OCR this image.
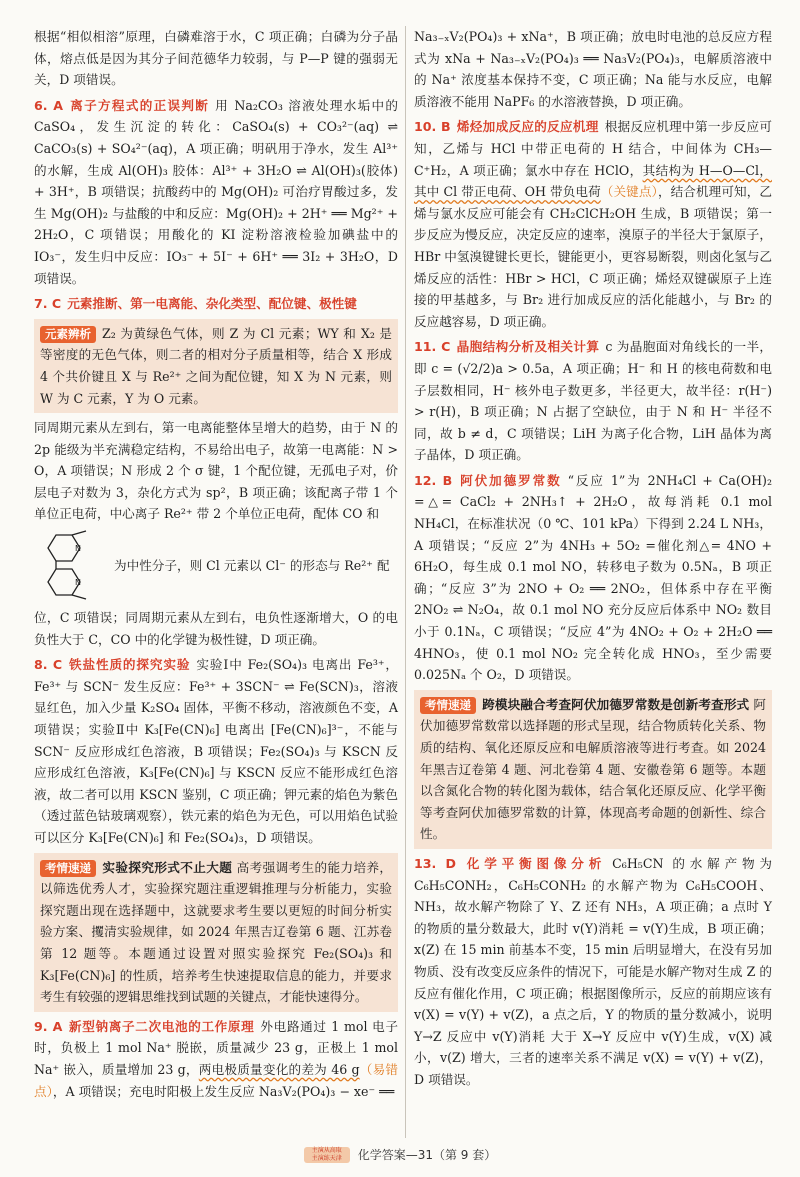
根据“相似相溶”原理，白磷难溶于水，C 项正确；白磷为分子晶体，熔点低是因为其分子间范德华力较弱，与 P—P 键的强弱无关，D 项错误。

6. A 离子方程式的正误判断 用 Na₂CO₃ 溶液处理水垢中的 CaSO₄，发生沉淀的转化：CaSO₄(s) + CO₃²⁻(aq) ⇌ CaCO₃(s) + SO₄²⁻(aq)，A 项正确；明矾用于净水，发生 Al³⁺ 的水解，生成 Al(OH)₃ 胶体：Al³⁺ + 3H₂O ⇌ Al(OH)₃(胶体) + 3H⁺，B 项错误；抗酸药中的 Mg(OH)₂ 可治疗胃酸过多，发生 Mg(OH)₂ 与盐酸的中和反应：Mg(OH)₂ + 2H⁺ ══ Mg²⁺ + 2H₂O，C 项错误；用酸化的 KI 淀粉溶液检验加碘盐中的 IO₃⁻，发生归中反应：IO₃⁻ + 5I⁻ + 6H⁺ ══ 3I₂ + 3H₂O，D 项错误。

7. C 元素推断、第一电离能、杂化类型、配位键、极性键

元素辨析 Z₂ 为黄绿色气体，则 Z 为 Cl 元素；WY 和 X₂ 是等密度的无色气体，则二者的相对分子质量相等，结合 X 形成 4 个共价键且 X 与 Re²⁺ 之间为配位键，知 X 为 N 元素，则 W 为 C 元素，Y 为 O 元素。

同周期元素从左到右，第一电离能整体呈增大的趋势，由于 N 的 2p 能级为半充满稳定结构，不易给出电子，故第一电离能：N > O，A 项错误；N 形成 2 个 σ 键，1 个配位键，无孤电子对，价层电子对数为 3，杂化方式为 sp²，B 项正确；该配离子带 1 个单位正电荷，中心离子 Re²⁺ 带 2 个单位正电荷，配体 CO 和

N
N
为中性分子，则 Cl 元素以 Cl⁻ 的形态与 Re²⁺ 配

位，C 项错误；同周期元素从左到右，电负性逐渐增大，O 的电负性大于 C，CO 中的化学键为极性键，D 项正确。

8. C 铁盐性质的探究实验 实验Ⅰ中 Fe₂(SO₄)₃ 电离出 Fe³⁺，Fe³⁺ 与 SCN⁻ 发生反应：Fe³⁺ + 3SCN⁻ ⇌ Fe(SCN)₃，溶液显红色，加入少量 K₂SO₄ 固体，平衡不移动，溶液颜色不变，A 项错误；实验Ⅱ中 K₃[Fe(CN)₆] 电离出 [Fe(CN)₆]³⁻，不能与 SCN⁻ 反应形成红色溶液，B 项错误；Fe₂(SO₄)₃ 与 KSCN 反应形成红色溶液，K₃[Fe(CN)₆] 与 KSCN 反应不能形成红色溶液，故二者可以用 KSCN 鉴别，C 项正确；钾元素的焰色为紫色（透过蓝色钴玻璃观察），铁元素的焰色为无色，可以用焰色试验可以区分 K₃[Fe(CN)₆] 和 Fe₂(SO₄)₃，D 项错误。

考情速递 实验探究形式不止大题 高考强调考生的能力培养，以筛选优秀人才，实验探究题注重逻辑推理与分析能力，实验探究题出现在选择题中，这就要求考生要以更短的时间分析实验方案、攫清实验规律，如 2024 年黑吉辽卷第 6 题、江苏卷第 12 题等。本题通过设置对照实验探究 Fe₂(SO₄)₃ 和 K₃[Fe(CN)₆] 的性质，培养考生快速提取信息的能力，并要求考生有较强的逻辑思维找到试题的关键点，才能快速得分。

9. A 新型钠离子二次电池的工作原理 外电路通过 1 mol 电子时，负极上 1 mol Na⁺ 脱嵌，质量减少 23 g，正极上 1 mol Na⁺ 嵌入，质量增加 23 g，两电极质量变化的差为 46 g（易错点），A 项错误；充电时阳极上发生反应 Na₃V₂(PO₄)₃ − xe⁻ ══

Na₃₋ₓV₂(PO₄)₃ + xNa⁺，B 项正确；放电时电池的总反应方程式为 xNa + Na₃₋ₓV₂(PO₄)₃ ══ Na₃V₂(PO₄)₃，电解质溶液中的 Na⁺ 浓度基本保持不变，C 项正确；Na 能与水反应，电解质溶液不能用 NaPF₆ 的水溶液替换，D 项正确。

10. B 烯烃加成反应的反应机理 根据反应机理中第一步反应可知，乙烯与 HCl 中带正电荷的 H 结合，中间体为 CH₃—C⁺H₂，A 项正确；氯水中存在 HClO，其结构为 H—O—Cl，其中 Cl 带正电荷、OH 带负电荷（关键点），结合机理可知，乙烯与氯水反应可能会有 CH₂ClCH₂OH 生成，B 项错误；第一步反应为慢反应，决定反应的速率，溴原子的半径大于氯原子，HBr 中氢溴键键长更长，键能更小，更容易断裂，则卤化氢与乙烯反应的活性：HBr > HCl，C 项正确；烯烃双键碳原子上连接的甲基越多，与 Br₂ 进行加成反应的活化能越小，与 Br₂ 的反应越容易，D 项正确。

11. C 晶胞结构分析及相关计算 c 为晶胞面对角线长的一半，即 c = (√2/2)a > 0.5a，A 项正确；H⁻ 和 H 的核电荷数和电子层数相同，H⁻ 核外电子数更多，半径更大，故半径：r(H⁻) > r(H)，B 项正确；N 占据了空缺位，由于 N 和 H⁻ 半径不同，故 b ≠ d，C 项错误；LiH 为离子化合物，LiH 晶体为离子晶体，D 项正确。

12. B 阿伏加德罗常数 “反应 1”为 2NH₄Cl + Ca(OH)₂ =△= CaCl₂ + 2NH₃↑ + 2H₂O，故每消耗 0.1 mol NH₄Cl，在标准状况（0 ℃、101 kPa）下得到 2.24 L NH₃，A 项错误；“反应 2”为 4NH₃ + 5O₂ =催化剂△= 4NO + 6H₂O，每生成 0.1 mol NO，转移电子数为 0.5Nₐ，B 项正确；“反应 3”为 2NO + O₂ ══ 2NO₂，但体系中存在平衡 2NO₂ ⇌ N₂O₄，故 0.1 mol NO 充分反应后体系中 NO₂ 数目小于 0.1Nₐ，C 项错误；“反应 4”为 4NO₂ + O₂ + 2H₂O ══ 4HNO₃，使 0.1 mol NO₂ 完全转化成 HNO₃，至少需要 0.025Nₐ 个 O₂，D 项错误。

考情速递 跨模块融合考查阿伏加德罗常数是创新考查形式 阿伏加德罗常数常以选择题的形式呈现，结合物质转化关系、物质的结构、氧化还原反应和电解质溶液等进行考查。如 2024 年黑吉辽卷第 4 题、河北卷第 4 题、安徽卷第 6 题等。本题以含氮化合物的转化图为载体，结合氧化还原反应、化学平衡等考查阿伏加德罗常数的计算，体现高考命题的创新性、综合性。

13. D 化学平衡图像分析 C₆H₅CN 的水解产物为 C₆H₅CONH₂，C₆H₅CONH₂ 的水解产物为 C₆H₅COOH、NH₃，故水解产物除了 Y、Z 还有 NH₃，A 项正确；a 点时 Y 的物质的量分数最大，此时 v(Y)消耗 = v(Y)生成，B 项正确；x(Z) 在 15 min 前基本不变，15 min 后明显增大，在没有另加物质、没有改变反应条件的情况下，可能是水解产物对生成 Z 的反应有催化作用，C 项正确；根据图像所示，反应的前期应该有 v(X) = v(Y) + v(Z)，a 点之后，Y 的物质的量分数减小，说明 Y→Z 反应中 v(Y)消耗 大于 X→Y 反应中 v(Y)生成，v(X) 减小，v(Z) 增大，三者的速率关系不满足 v(X) = v(Y) + v(Z)，D 项错误。

主演从高取
主演练天津	化学答案—31（第 9 套）
